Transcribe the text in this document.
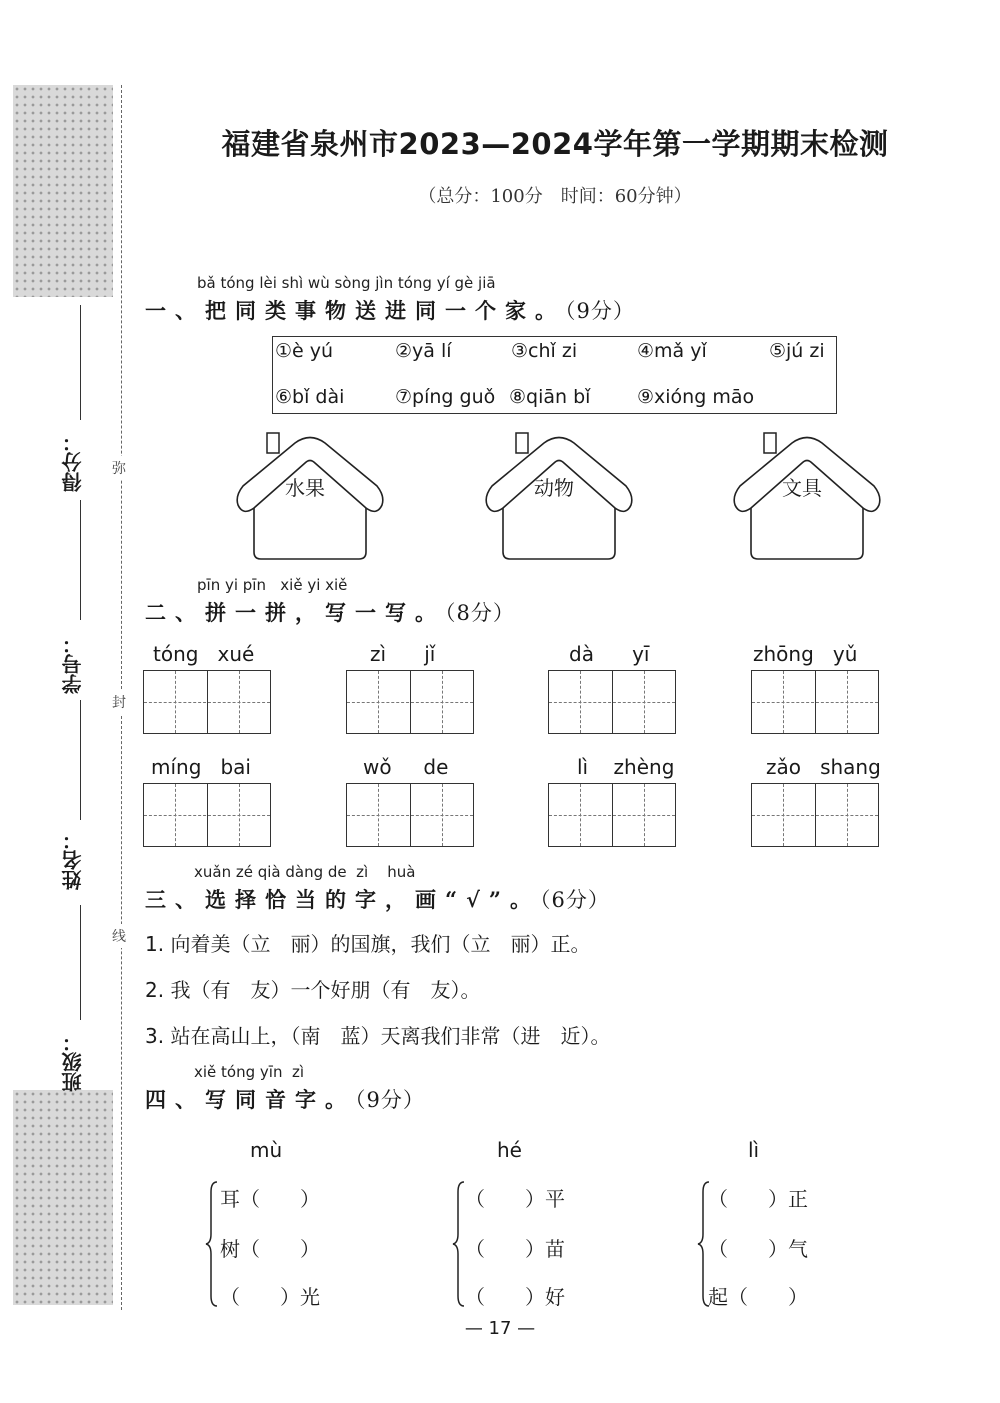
弥
封
线
得分：
学号：
姓名：
班级：
福建省泉州市2023—2024学年第一学期期末检测
（总分：100分　时间：60分钟）
bǎ tóng lèi shì wù sòng jìn tóng yí gè jiā
一、把同类事物送进同一个家。（9分）
①è yú	②yā lí	③chǐ zi	④mǎ yǐ	⑤jú zi
⑥bǐ dài	⑦píng guǒ ⑧qiān bǐ ⑨xióng māo
水果	动物	文具
pīn yi pīn   xiě yi xiě
二、拼一拼，写一写。（8分）
tóng   xué	zì      jǐ	dà      yī	zhōng   yǔ
míng   bai	wǒ     de	lì    zhèng	zǎo   shang
xuǎn zé qià dàng de  zì    huà
三、选择恰当的字，画“√”。（6分）
1. 向着美（立　丽）的国旗，我们（立　丽）正。
2. 我（有　友）一个好朋（有　友）。
3. 站在高山上，（南　蓝）天离我们非常（进　近）。
xiě tóng yīn  zì
四、写同音字。（9分）
mù
耳（　　）
树（　　）
（　　）光
hé
（　　）平
（　　）苗
（　　）好
lì
（　　）正
（　　）气
起（　　）
— 17 —
